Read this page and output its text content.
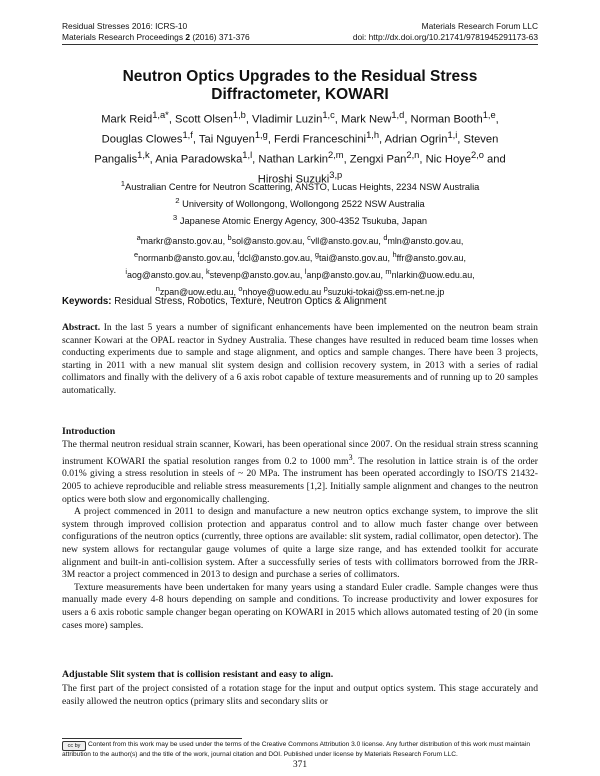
Residual Stresses 2016: ICRS-10	Materials Research Forum LLC
Materials Research Proceedings 2 (2016) 371-376	doi: http://dx.doi.org/10.21741/9781945291173-63
Neutron Optics Upgrades to the Residual Stress
Diffractometer, KOWARI
Mark Reid$^{1,a*}$, Scott Olsen$^{1,b}$, Vladimir Luzin$^{1,c}$, Mark New$^{1,d}$, Norman Booth$^{1,e}$,
Douglas Clowes$^{1,f}$, Tai Nguyen$^{1,g}$, Ferdi Franceschini$^{1,h}$, Adrian Ogrin$^{1,i}$, Steven
Pangalis$^{1,k}$, Ania Paradowska$^{1,l}$, Nathan Larkin$^{2,m}$, Zengxi Pan$^{2,n}$, Nic Hoye$^{2,o}$ and
Hiroshi Suzuki$^{3,p}$
$^1$Australian Centre for Neutron Scattering, ANSTO, Lucas Heights, 2234 NSW Australia
$^2$ University of Wollongong, Wollongong 2522 NSW Australia
$^3$ Japanese Atomic Energy Agency, 300-4352 Tsukuba, Japan
$^a$markr@ansto.gov.au, $^b$sol@ansto.gov.au, $^c$vll@ansto.gov.au, $^d$mln@ansto.gov.au,
$^e$normanb@ansto.gov.au, $^f$dcl@ansto.gov.au, $^g$tai@ansto.gov.au, $^h$ffr@ansto.gov.au,
$^i$aog@ansto.gov.au, $^k$stevenp@ansto.gov.au, $^l$anp@ansto.gov.au, $^m$nlarkin@uow.edu.au,
$^n$zpan@uow.edu.au, $^o$nhoye@uow.edu.au $^p$suzuki-tokai@ss.em-net.ne.jp
Keywords: Residual Stress, Robotics, Texture, Neutron Optics & Alignment

Abstract. In the last 5 years a number of significant enhancements have been implemented on the neutron beam strain scanner Kowari at the OPAL reactor in Sydney Australia. These changes have resulted in reduced beam time losses when conducting experiments due to sample and stage alignment, and optics and sample changes. There have been 3 projects, starting in 2011 with a new manual slit system design and collision recovery system, in 2013 with a series of radial collimators and finally with the delivery of a 6 axis robot capable of texture measurements and of running up to 20 samples automatically.

Introduction

The thermal neutron residual strain scanner, Kowari, has been operational since 2007. On the residual strain stress scanning instrument KOWARI the spatial resolution ranges from 0.2 to 1000 $mm^3$. The resolution in lattice strain is of the order 0.01% giving a stress resolution in steels of ~ 20 MPa. The instrument has been operated accordingly to ISO/TS 21432-2005 to achieve reproducible and reliable stress measurements [1,2]. Initially sample alignment and changes to the neutron optics were both slow and ergonomically challenging.

A project commenced in 2011 to design and manufacture a new neutron optics exchange system, to improve the slit system through improved collision protection and apparatus control and to allow much faster change over between configurations of the neutron optics (currently, three options are available: slit system, radial collimator, open detector). The new system allows for rectangular gauge volumes of quite a large size range, and has extended toolkit for accurate alignment and built-in anti-collision system. After a successfully series of tests with collimators borrowed from the JRR-3M reactor a project commenced in 2013 to design and purchase a series of collimators.

Texture measurements have been undertaken for many years using a standard Euler cradle. Sample changes were thus manually made every 4-8 hours depending on sample and conditions. To increase productivity and lower exposures for users a 6 axis robotic sample changer began operating on KOWARI in 2015 which allows automated testing of 20 (in some cases more) samples.

Adjustable Slit system that is collision resistant and easy to align.

The first part of the project consisted of a rotation stage for the input and output optics system. This stage accurately and easily allowed the neutron optics (primary slits and secondary slits or

cc by Content from this work may be used under the terms of the Creative Commons Attribution 3.0 license. Any further distribution of this work must maintain attribution to the author(s) and the title of the work, journal citation and DOI. Published under license by Materials Research Forum LLC.
371
